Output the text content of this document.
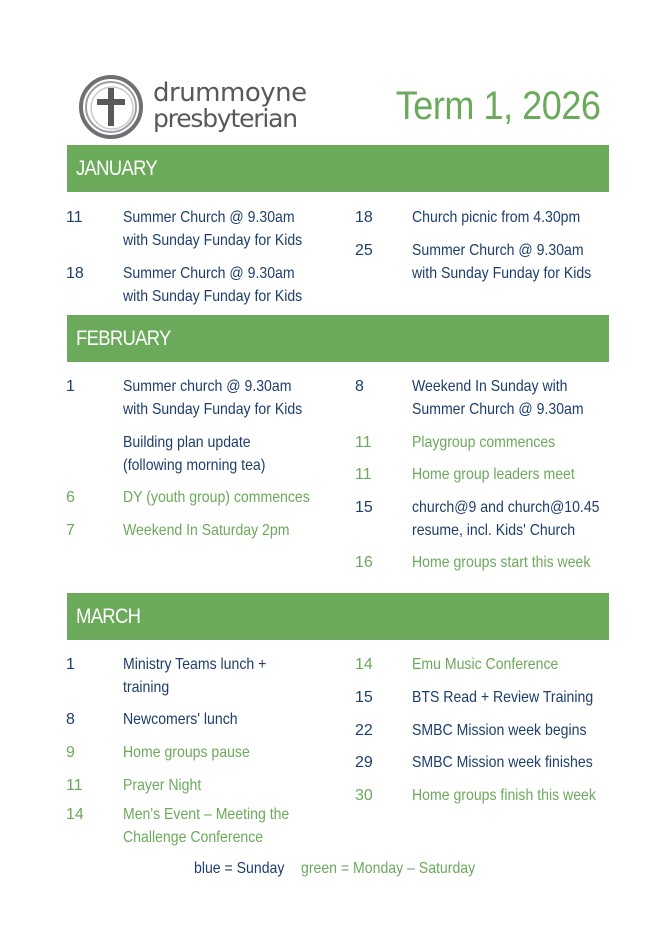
drummoyne
presbyterian Term 1, 2026
JANUARY
FEBRUARY
MARCH
11	Summer Church @ 9.30am
with Sunday Funday for Kids
18	Summer Church @ 9.30am
with Sunday Funday for Kids
18	Church picnic from 4.30pm
25	Summer Church @ 9.30am
with Sunday Funday for Kids
1	Summer church @ 9.30am
with Sunday Funday for Kids
Building plan update
(following morning tea)
6	DY (youth group) commences
7	Weekend In Saturday 2pm
8	Weekend In Sunday with
Summer Church @ 9.30am
11	Playgroup commences
11	Home group leaders meet
15	church@9 and church@10.45
resume, incl. Kids' Church
16	Home groups start this week
1	Ministry Teams lunch +
training
8	Newcomers' lunch
9	Home groups pause
11	Prayer Night
14	Men's Event – Meeting the
Challenge Conference
14	Emu Music Conference
15	BTS Read + Review Training
22	SMBC Mission week begins
29	SMBC Mission week finishes
30	Home groups finish this week
blue = Sunday green = Monday – Saturday
